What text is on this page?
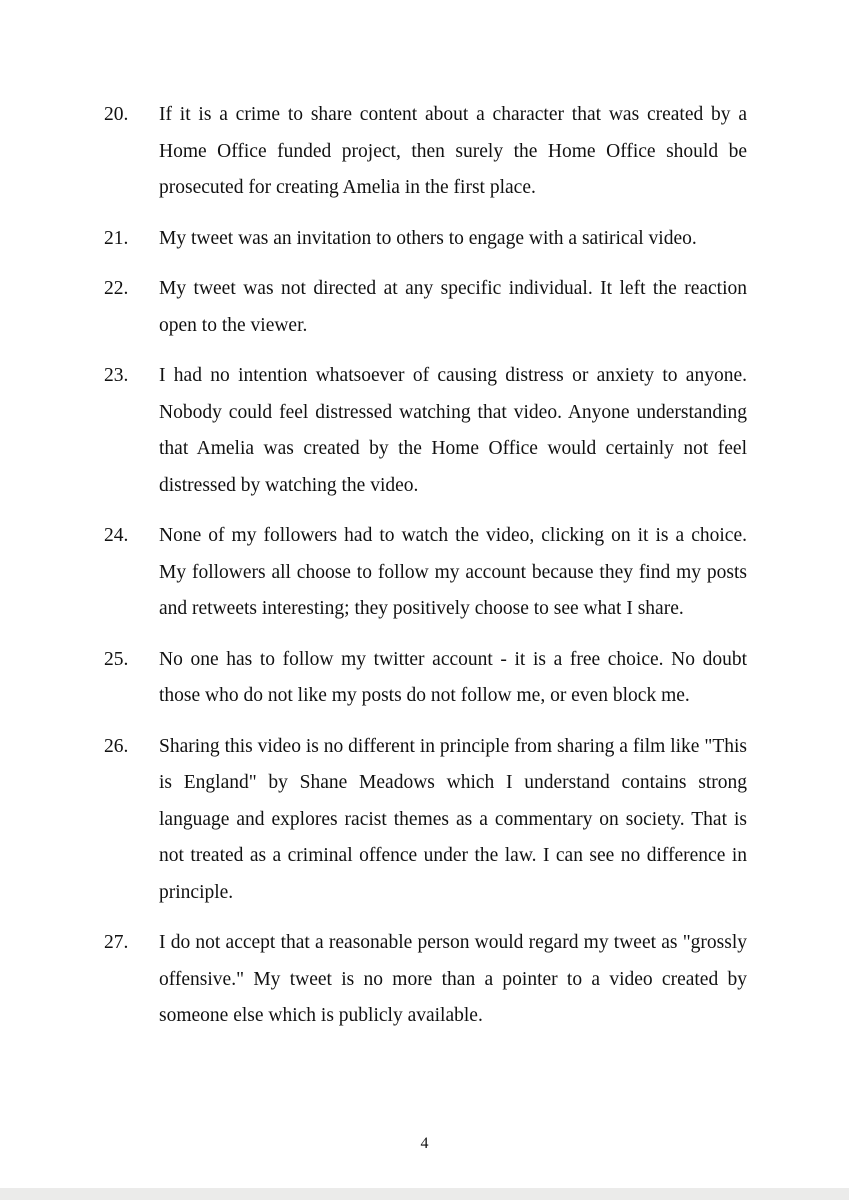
20. If it is a crime to share content about a character that was created by a Home Office funded project, then surely the Home Office should be prosecuted for creating Amelia in the first place.

21. My tweet was an invitation to others to engage with a satirical video.

22. My tweet was not directed at any specific individual. It left the reaction open to the viewer.

23. I had no intention whatsoever of causing distress or anxiety to anyone. Nobody could feel distressed watching that video. Anyone understanding that Amelia was created by the Home Office would certainly not feel distressed by watching the video.

24. None of my followers had to watch the video, clicking on it is a choice. My followers all choose to follow my account because they find my posts and retweets interesting; they positively choose to see what I share.

25. No one has to follow my twitter account - it is a free choice. No doubt those who do not like my posts do not follow me, or even block me.

26. Sharing this video is no different in principle from sharing a film like "This is England" by Shane Meadows which I understand contains strong language and explores racist themes as a commentary on society. That is not treated as a criminal offence under the law. I can see no difference in principle.

27. I do not accept that a reasonable person would regard my tweet as "grossly offensive." My tweet is no more than a pointer to a video created by someone else which is publicly available.

4
